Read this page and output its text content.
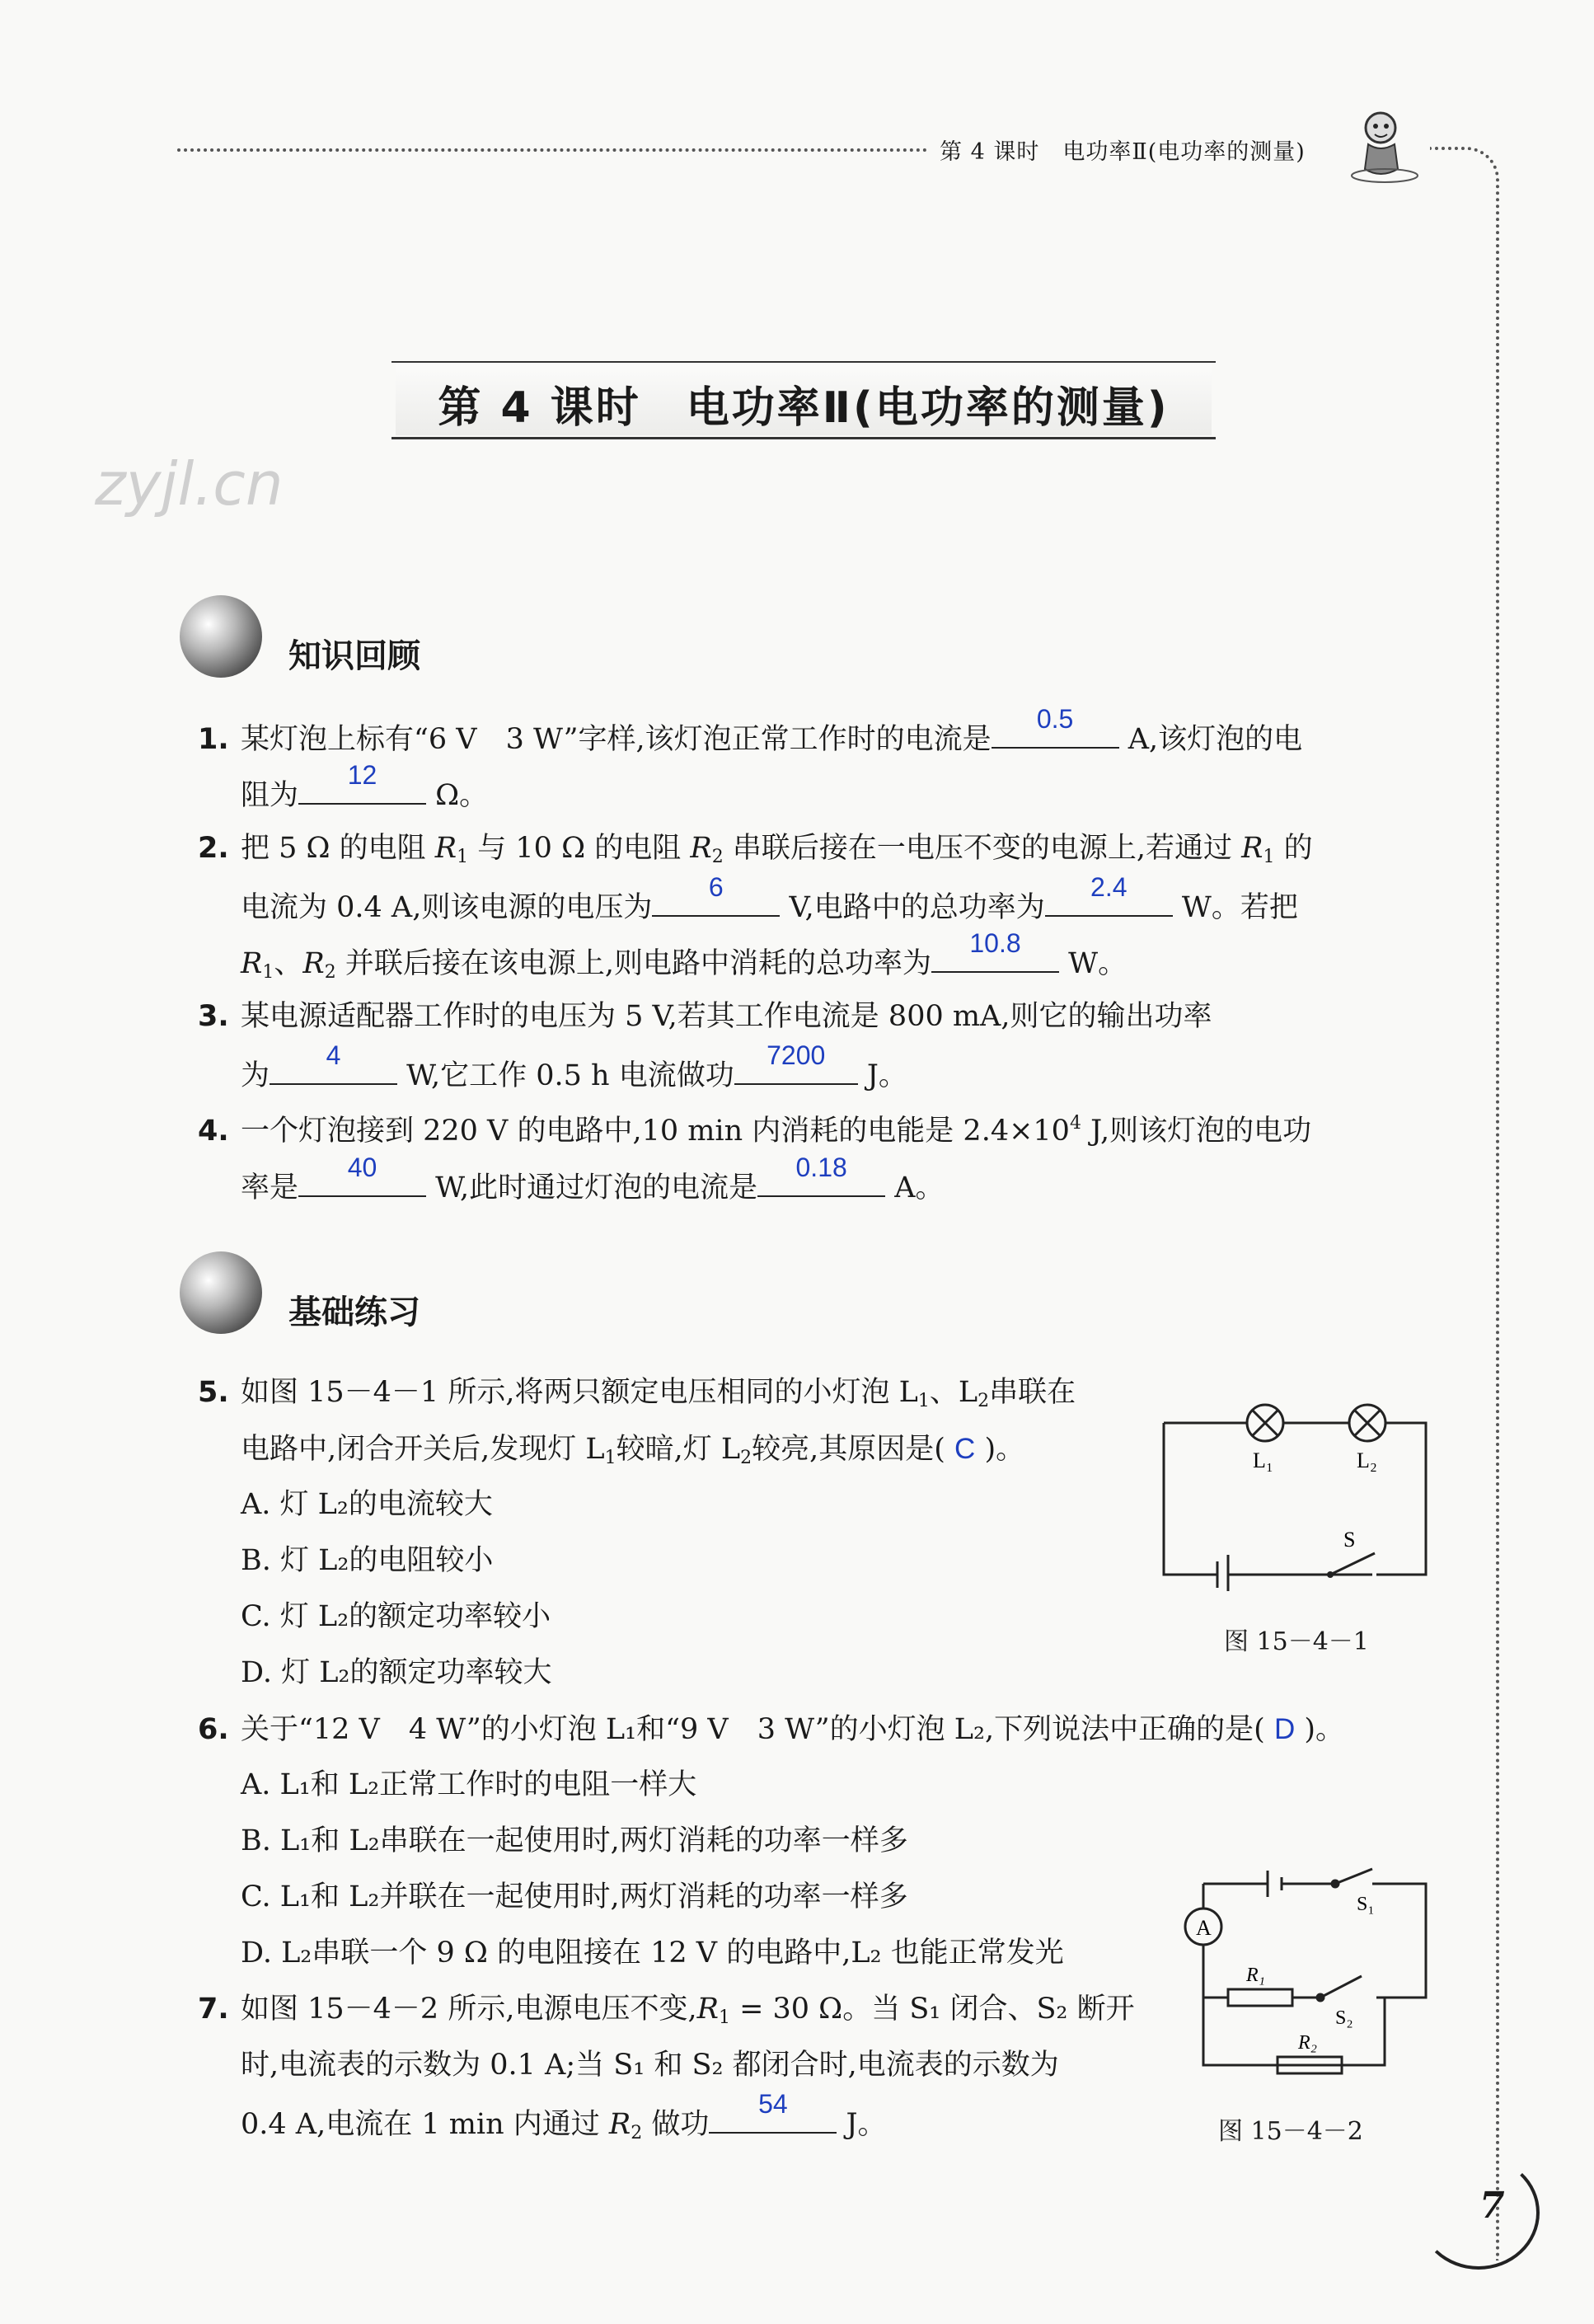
第 4 课时　 电功率Ⅱ(电功率的测量)
第 4 课时　电功率Ⅱ(电功率的测量)
zyjl.cn
知识回顾
1. 某灯泡上标有“6 V　3 W”字样,该灯泡正常工作时的电流是
0.5
A,该灯泡的电
阻为
12
Ω。
2. 把 5 Ω 的电阻 $R_1$ 与 10 Ω 的电阻 $R_2$ 串联后接在一电压不变的电源上,若通过 $R_1$ 的
电流为 0.4 A,则该电源的电压为
6
V,电路中的总功率为
2.4
W。若把
$R_1$、$R_2$ 并联后接在该电源上,则电路中消耗的总功率为
10.8
W。
3. 某电源适配器工作时的电压为 5 V,若其工作电流是 800 mA,则它的输出功率
为
4
W,它工作 0.5 h 电流做功
7200
J。
4. 一个灯泡接到 220 V 的电路中,10 min 内消耗的电能是 $2.4\times 10^4$ J,则该灯泡的电功
率是
40
W,此时通过灯泡的电流是
0.18
A。
基础练习
5. 如图 15－4－1 所示,将两只额定电压相同的小灯泡 $L_1$、$L_2$串联在
电路中,闭合开关后,发现灯 $L_1$较暗,灯 $L_2$较亮,其原因是( C )。
A. 灯 L₂的电流较大
B. 灯 L₂的电阻较小
C. 灯 L₂的额定功率较小
D. 灯 L₂的额定功率较大
L₁	L₂
S
图 15－4－1
6. 关于“12 V　4 W”的小灯泡 L₁和“9 V　3 W”的小灯泡 L₂,下列说法中正确的是( D )。
A. L₁和 L₂正常工作时的电阻一样大
B. L₁和 L₂串联在一起使用时,两灯消耗的功率一样多
C. L₁和 L₂并联在一起使用时,两灯消耗的功率一样多
D. L₂串联一个 9 Ω 的电阻接在 12 V 的电路中,L₂ 也能正常发光
7. 如图 15－4－2 所示,电源电压不变$,R_1 = 30$ Ω。当 S₁ 闭合、S₂ 断开
时,电流表的示数为 0.1 A;当 S₁ 和 S₂ 都闭合时,电流表的示数为
0.4 A,电流在 1 min 内通过 $R_2$ 做功
54
J。
A
R₁
R₂
S₁
S₂
图 15－4－2
7
